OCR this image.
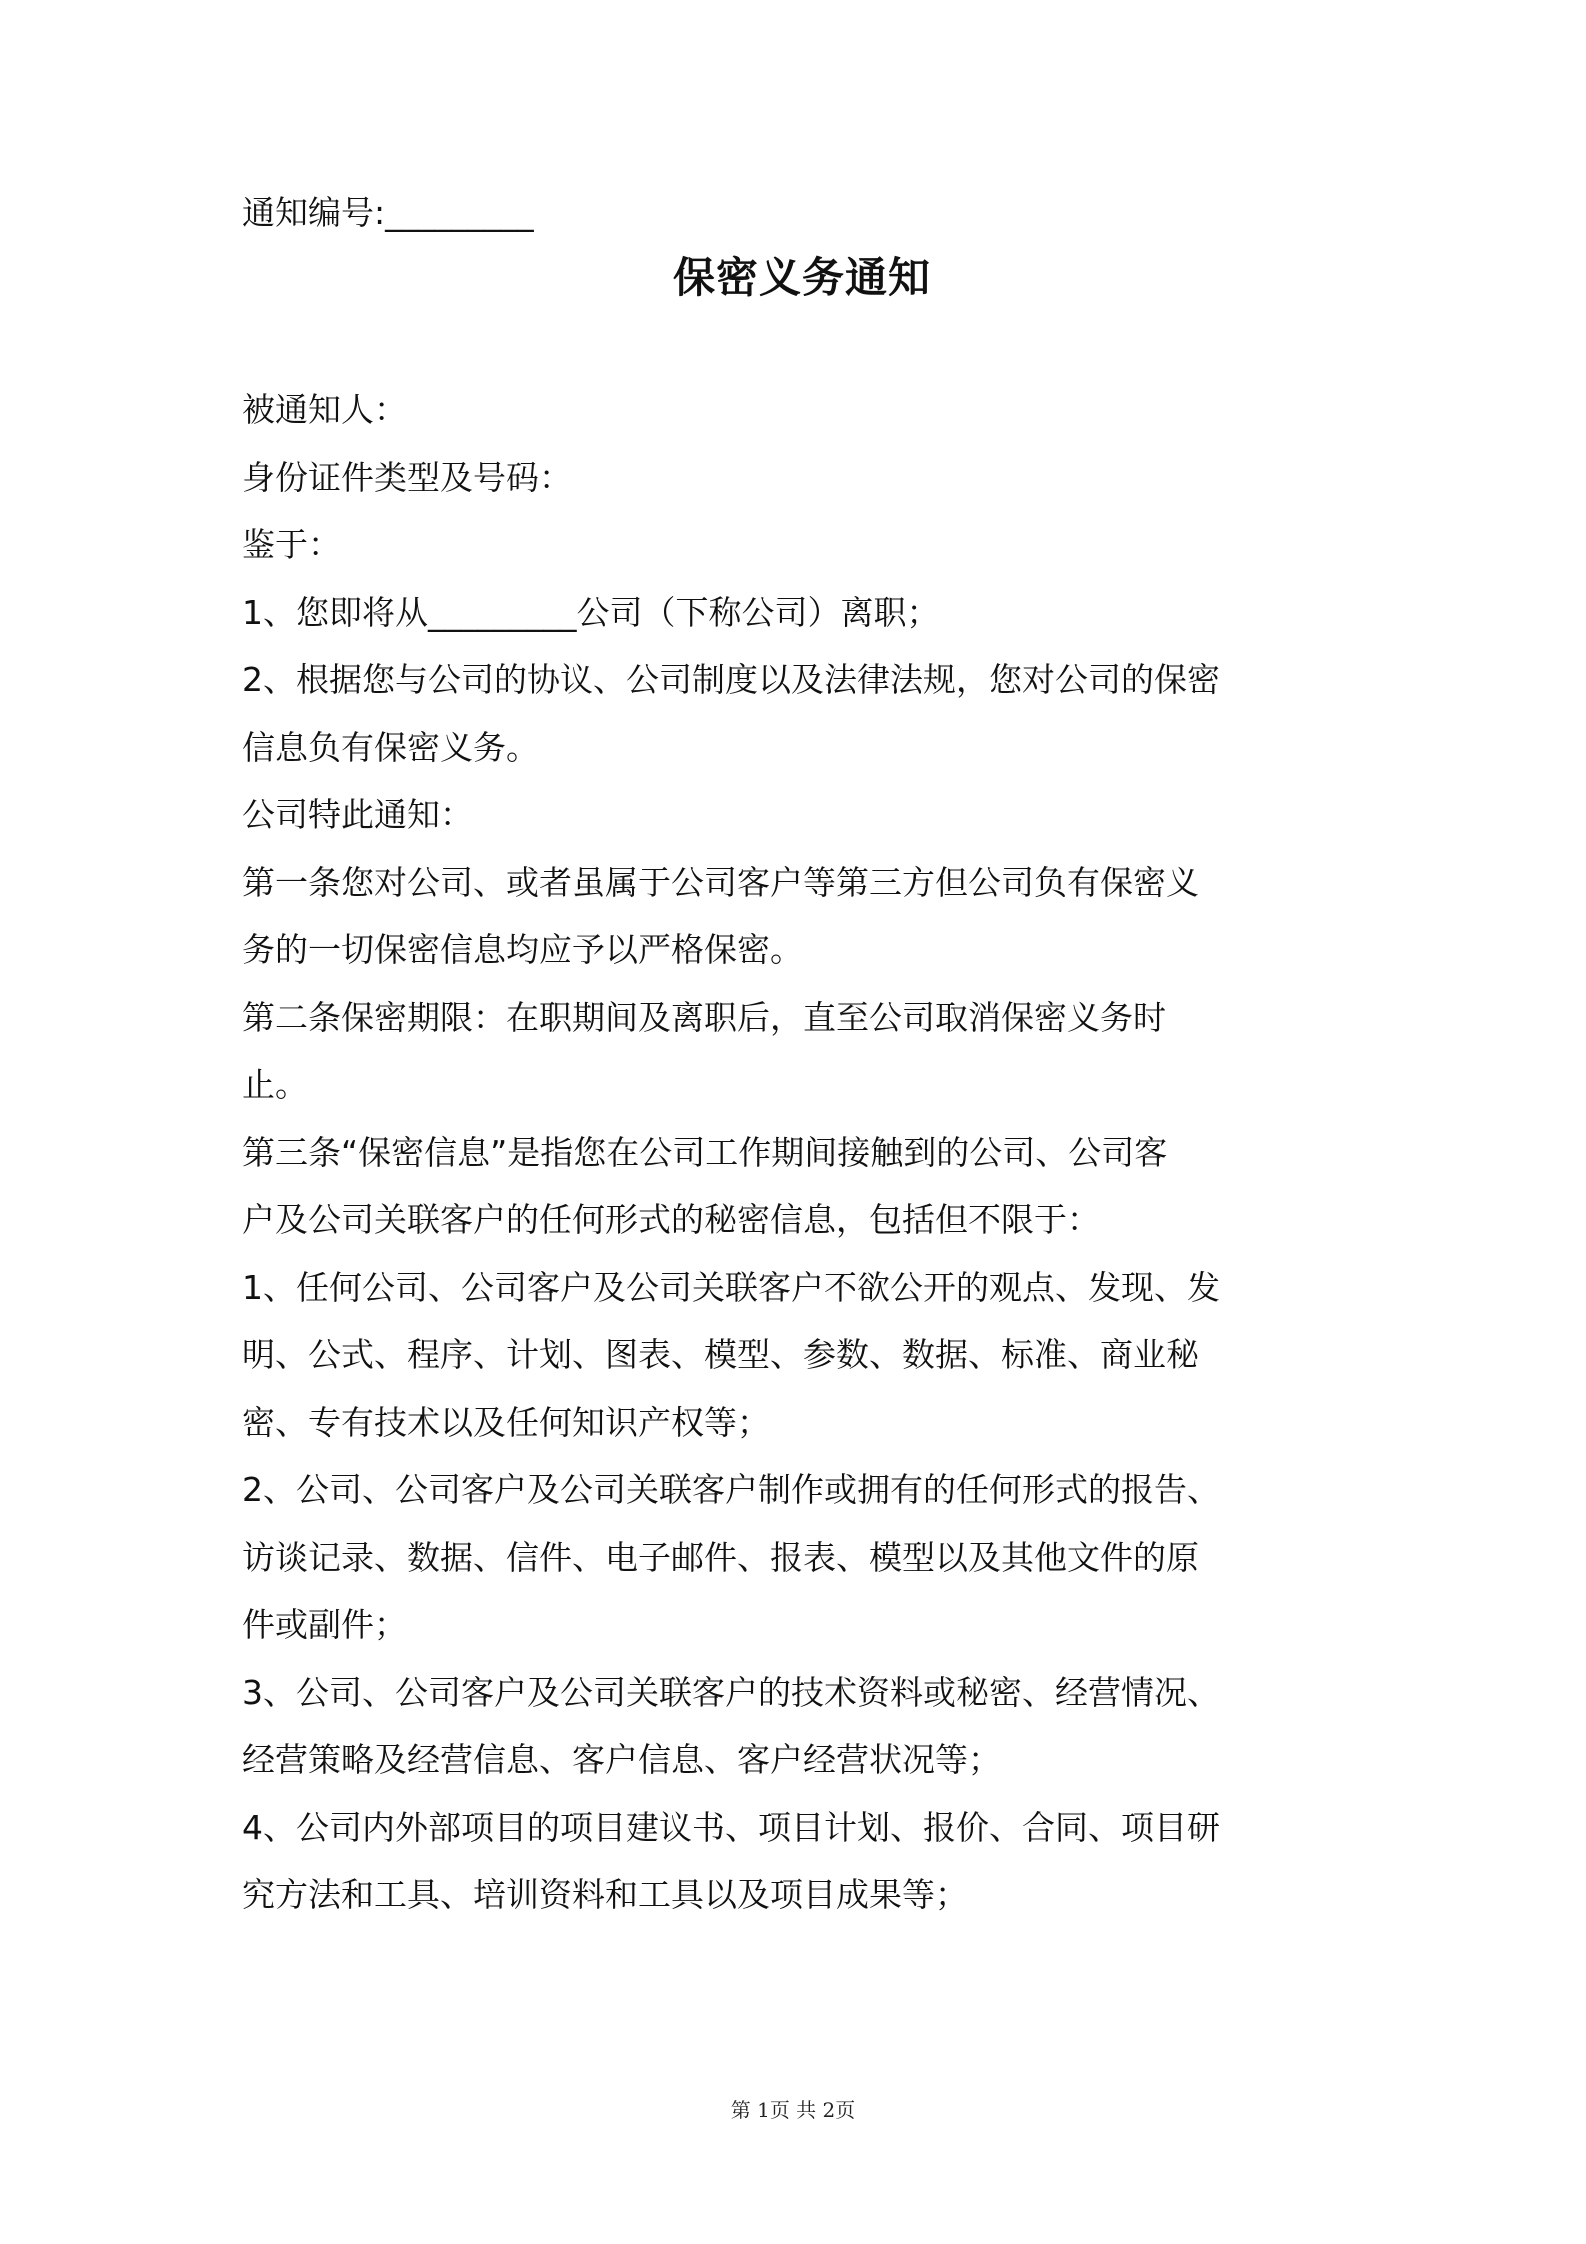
通知编号:_________

保密义务通知

被通知人：

身份证件类型及号码：

鉴于：

1、您即将从_________公司（下称公司）离职；

2、根据您与公司的协议、公司制度以及法律法规，您对公司的保密

信息负有保密义务。

公司特此通知：

第一条您对公司、或者虽属于公司客户等第三方但公司负有保密义

务的一切保密信息均应予以严格保密。

第二条保密期限：在职期间及离职后，直至公司取消保密义务时

止。

第三条“保密信息”是指您在公司工作期间接触到的公司、公司客

户及公司关联客户的任何形式的秘密信息，包括但不限于：

1、任何公司、公司客户及公司关联客户不欲公开的观点、发现、发

明、公式、程序、计划、图表、模型、参数、数据、标准、商业秘

密、专有技术以及任何知识产权等；

2、公司、公司客户及公司关联客户制作或拥有的任何形式的报告、

访谈记录、数据、信件、电子邮件、报表、模型以及其他文件的原

件或副件；

3、公司、公司客户及公司关联客户的技术资料或秘密、经营情况、

经营策略及经营信息、客户信息、客户经营状况等；

4、公司内外部项目的项目建议书、项目计划、报价、合同、项目研

究方法和工具、培训资料和工具以及项目成果等；

第 1页 共 2页
